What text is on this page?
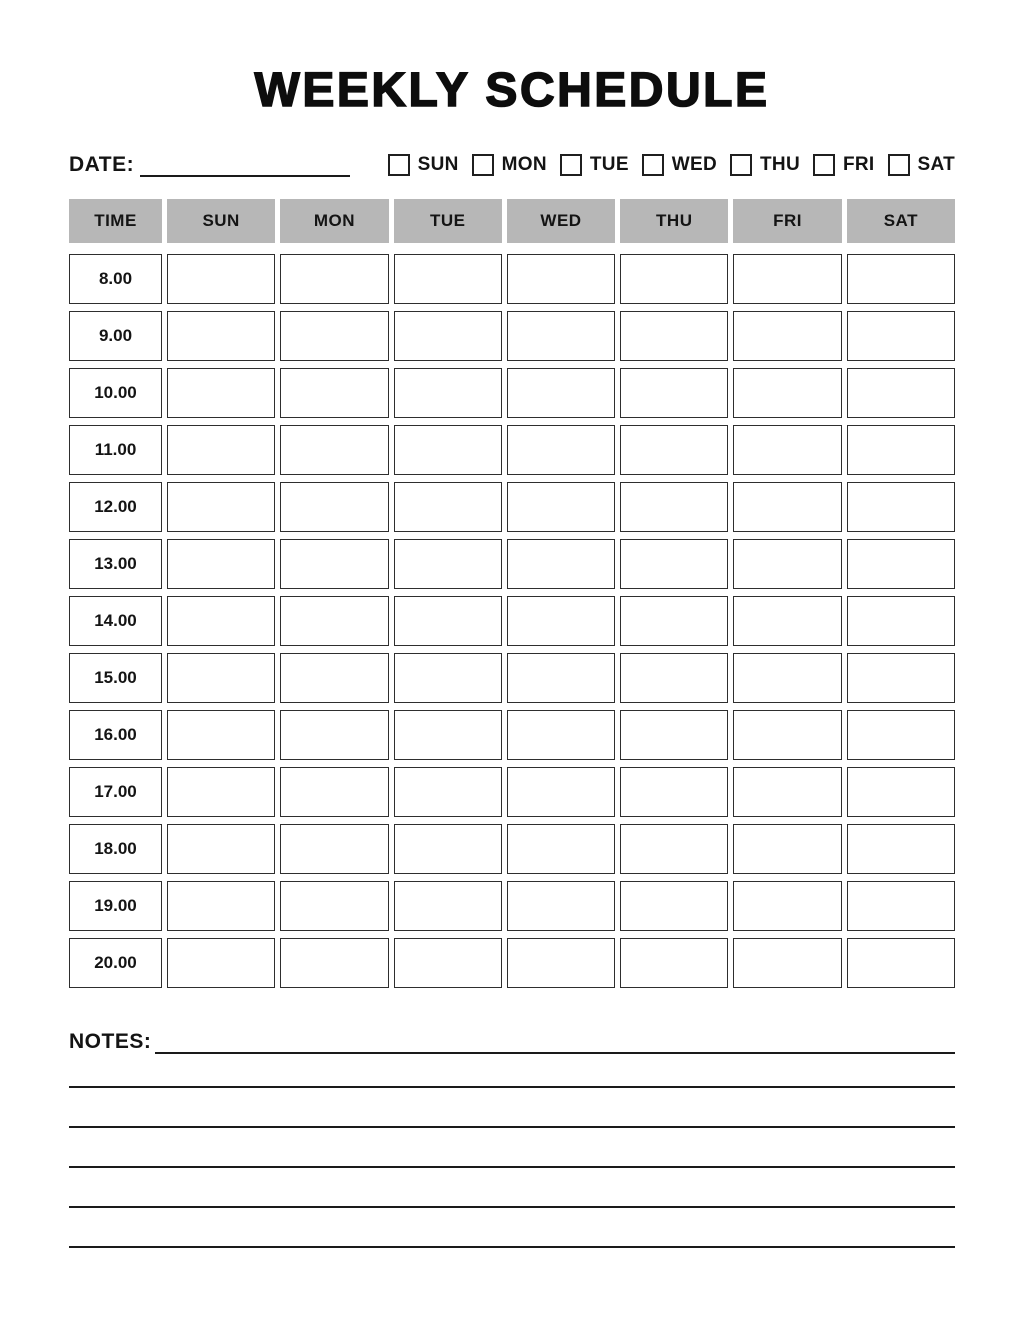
WEEKLY SCHEDULE
DATE:	SUN MON TUE WED THU FRI SAT
TIME	SUN	MON	TUE	WED	THU	FRI	SAT
8.00
9.00
10.00
11.00
12.00
13.00
14.00
15.00
16.00
17.00
18.00
19.00
20.00
NOTES:
